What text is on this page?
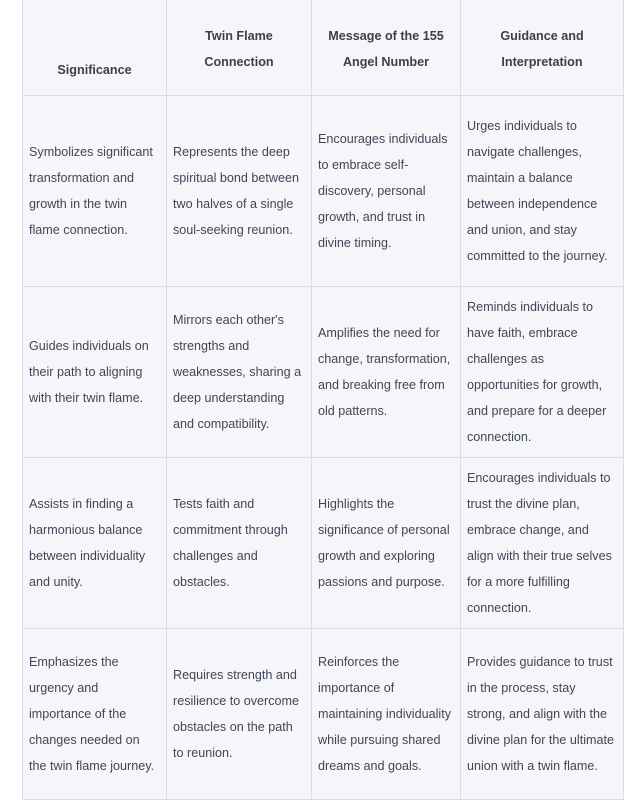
Significance	Twin Flame Connection	Message of the 155 Angel Number	Guidance and Interpretation
Symbolizes significant transformation and growth in the twin flame connection.	Represents the deep spiritual bond between two halves of a single soul-seeking reunion.	Encourages individuals to embrace self-discovery, personal growth, and trust in divine timing.	Urges individuals to navigate challenges, maintain a balance between independence and union, and stay committed to the journey.
Guides individuals on their path to aligning with their twin flame.	Mirrors each other's strengths and weaknesses, sharing a deep understanding and compatibility.	Amplifies the need for change, transformation, and breaking free from old patterns.	Reminds individuals to have faith, embrace challenges as opportunities for growth, and prepare for a deeper connection.
Assists in finding a harmonious balance between individuality and unity.	Tests faith and commitment through challenges and obstacles.	Highlights the significance of personal growth and exploring passions and purpose.	Encourages individuals to trust the divine plan, embrace change, and align with their true selves for a more fulfilling connection.
Emphasizes the urgency and importance of the changes needed on the twin flame journey.	Requires strength and resilience to overcome obstacles on the path to reunion.	Reinforces the importance of maintaining individuality while pursuing shared dreams and goals.	Provides guidance to trust in the process, stay strong, and align with the divine plan for the ultimate union with a twin flame.
